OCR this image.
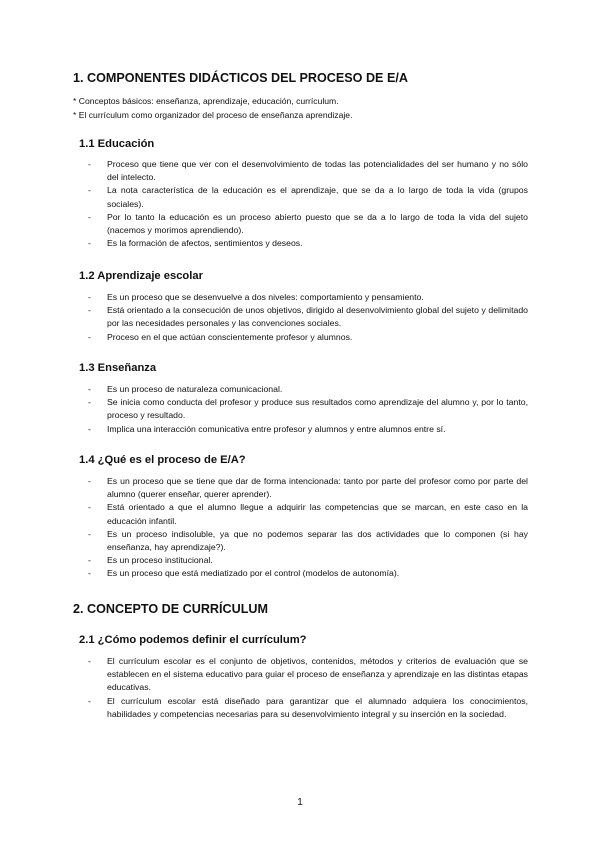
1. COMPONENTES DIDÁCTICOS DEL PROCESO DE E/A
* Conceptos básicos: enseñanza, aprendizaje, educación, currículum.
* El currículum como organizador del proceso de enseñanza aprendizaje.
1.1 Educación
- Proceso que tiene que ver con el desenvolvimiento de todas las potencialidades del ser humano y no sólo del intelecto.
- La nota característica de la educación es el aprendizaje, que se da a lo largo de toda la vida (grupos sociales).
- Por lo tanto la educación es un proceso abierto puesto que se da a lo largo de toda la vida del sujeto (nacemos y morimos aprendiendo).
- Es la formación de afectos, sentimientos y deseos.
1.2 Aprendizaje escolar
- Es un proceso que se desenvuelve a dos niveles: comportamiento y pensamiento.
- Está orientado a la consecución de unos objetivos, dirigido al desenvolvimiento global del sujeto y delimitado por las necesidades personales y las convenciones sociales.
- Proceso en el que actúan conscientemente profesor y alumnos.
1.3 Enseñanza
- Es un proceso de naturaleza comunicacional.
- Se inicia como conducta del profesor y produce sus resultados como aprendizaje del alumno y, por lo tanto, proceso y resultado.
- Implica una interacción comunicativa entre profesor y alumnos y entre alumnos entre sí.
1.4 ¿Qué es el proceso de E/A?
- Es un proceso que se tiene que dar de forma intencionada: tanto por parte del profesor como por parte del alumno (querer enseñar, querer aprender).
- Está orientado a que el alumno llegue a adquirir las competencias que se marcan, en este caso en la educación infantil.
- Es un proceso indisoluble, ya que no podemos separar las dos actividades que lo componen (si hay enseñanza, hay aprendizaje?).
- Es un proceso institucional.
- Es un proceso que está mediatizado por el control (modelos de autonomía).
2. CONCEPTO DE CURRÍCULUM
2.1 ¿Cómo podemos definir el currículum?
- El currículum escolar es el conjunto de objetivos, contenidos, métodos y criterios de evaluación que se establecen en el sistema educativo para guiar el proceso de enseñanza y aprendizaje en las distintas etapas educativas.
- El currículum escolar está diseñado para garantizar que el alumnado adquiera los conocimientos, habilidades y competencias necesarias para su desenvolvimiento integral y su inserción en la sociedad.
1
